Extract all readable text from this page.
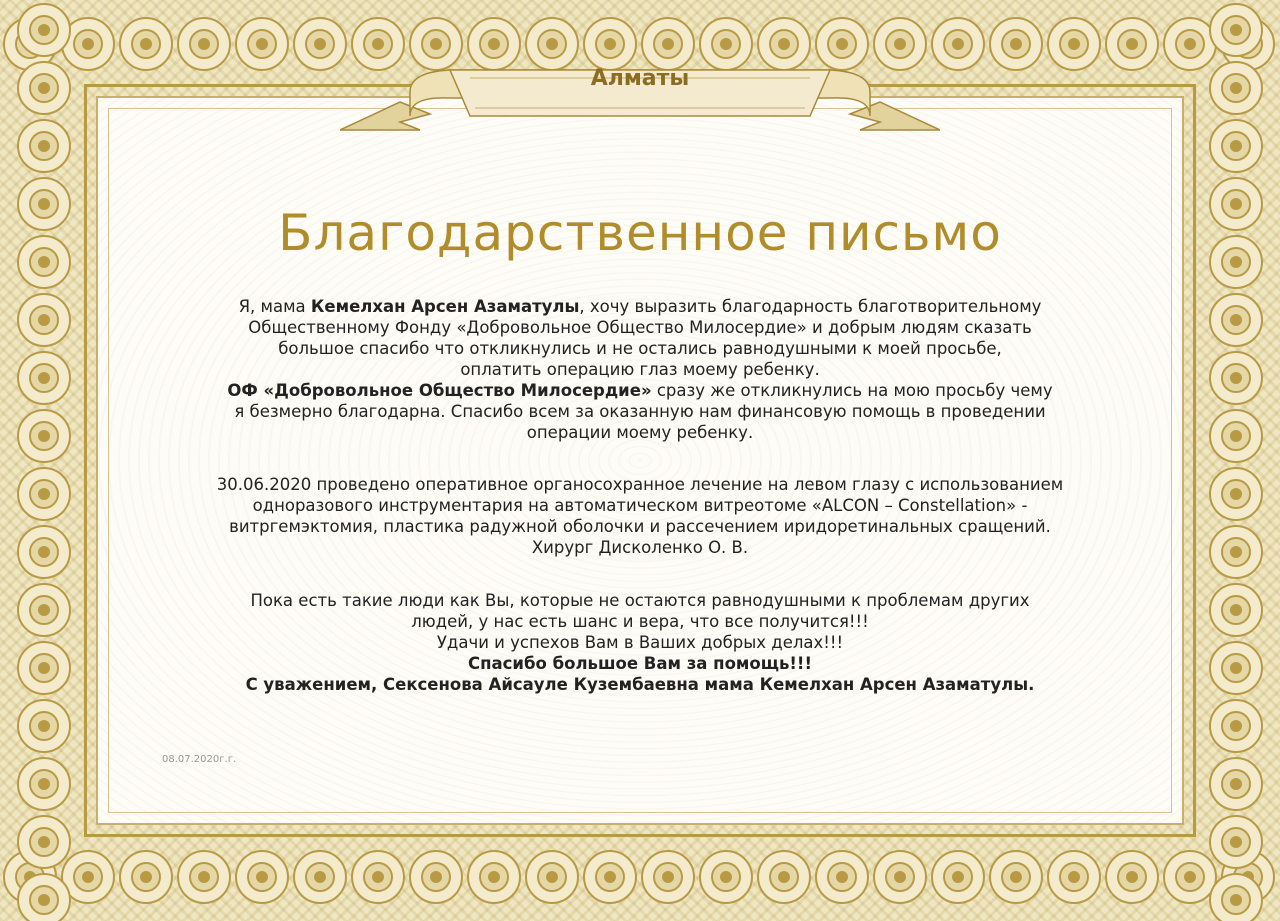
Алматы
Благодарственное письмо
Я, мама Кемелхан Арсен Азаматулы, хочу выразить благодарность благотворительному
Общественному Фонду «Добровольное Общество Милосердие» и добрым людям сказать
большое спасибо что откликнулись и не остались равнодушными к моей просьбе,
оплатить операцию глаз моему ребенку.
ОФ «Добровольное Общество Милосердие» сразу же откликнулись на мою просьбу чему
я безмерно благодарна. Спасибо всем за оказанную нам финансовую помощь в проведении
операции моему ребенку.
30.06.2020 проведено оперативное органосохранное лечение на левом глазу с использованием
одноразового инструментария на автоматическом витреотоме «ALCON – Constellation» -
витргемэктомия, пластика радужной оболочки и рассечением иридоретинальных сращений.
Хирург Дисколенко О. В.
Пока есть такие люди как Вы, которые не остаются равнодушными к проблемам других
людей, у нас есть шанс и вера, что все получится!!!
Удачи и успехов Вам в Ваших добрых делах!!!
Спасибо большое Вам за помощь!!!
С уважением, Сексенова Айсауле Куземб​аевна мама Кемелхан Арсен Азаматулы.
08.07.2020г.г.
